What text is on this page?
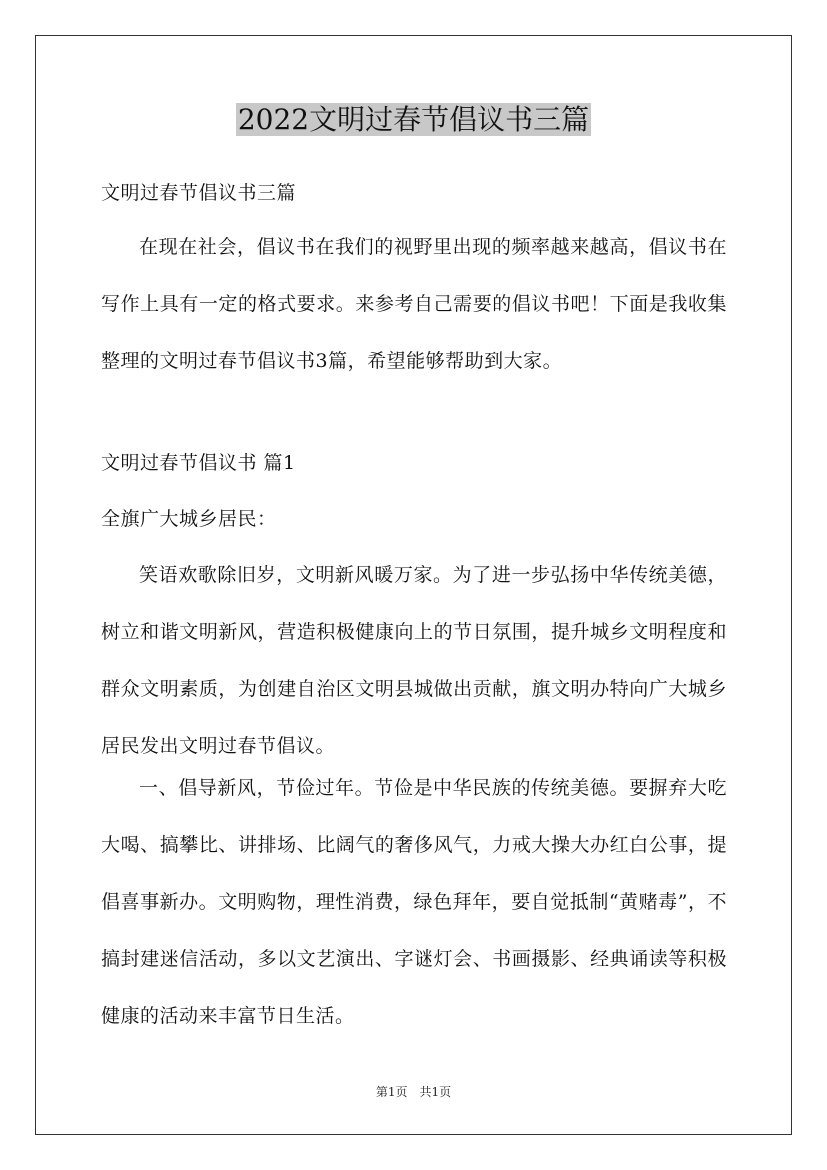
2022文明过春节倡议书三篇

文明过春节倡议书三篇

在现在社会，倡议书在我们的视野里出现的频率越来越高，倡议书在写作上具有一定的格式要求。来参考自己需要的倡议书吧！下面是我收集整理的文明过春节倡议书3篇，希望能够帮助到大家。

文明过春节倡议书 篇1

全旗广大城乡居民：

笑语欢歌除旧岁，文明新风暖万家。为了进一步弘扬中华传统美德，树立和谐文明新风，营造积极健康向上的节日氛围，提升城乡文明程度和群众文明素质，为创建自治区文明县城做出贡献，旗文明办特向广大城乡居民发出文明过春节倡议。

一、倡导新风，节俭过年。节俭是中华民族的传统美德。要摒弃大吃大喝、搞攀比、讲排场、比阔气的奢侈风气，力戒大操大办红白公事，提倡喜事新办。文明购物，理性消费，绿色拜年，要自觉抵制“黄赌毒”，不搞封建迷信活动，多以文艺演出、字谜灯会、书画摄影、经典诵读等积极健康的活动来丰富节日生活。

第1页　共1页
